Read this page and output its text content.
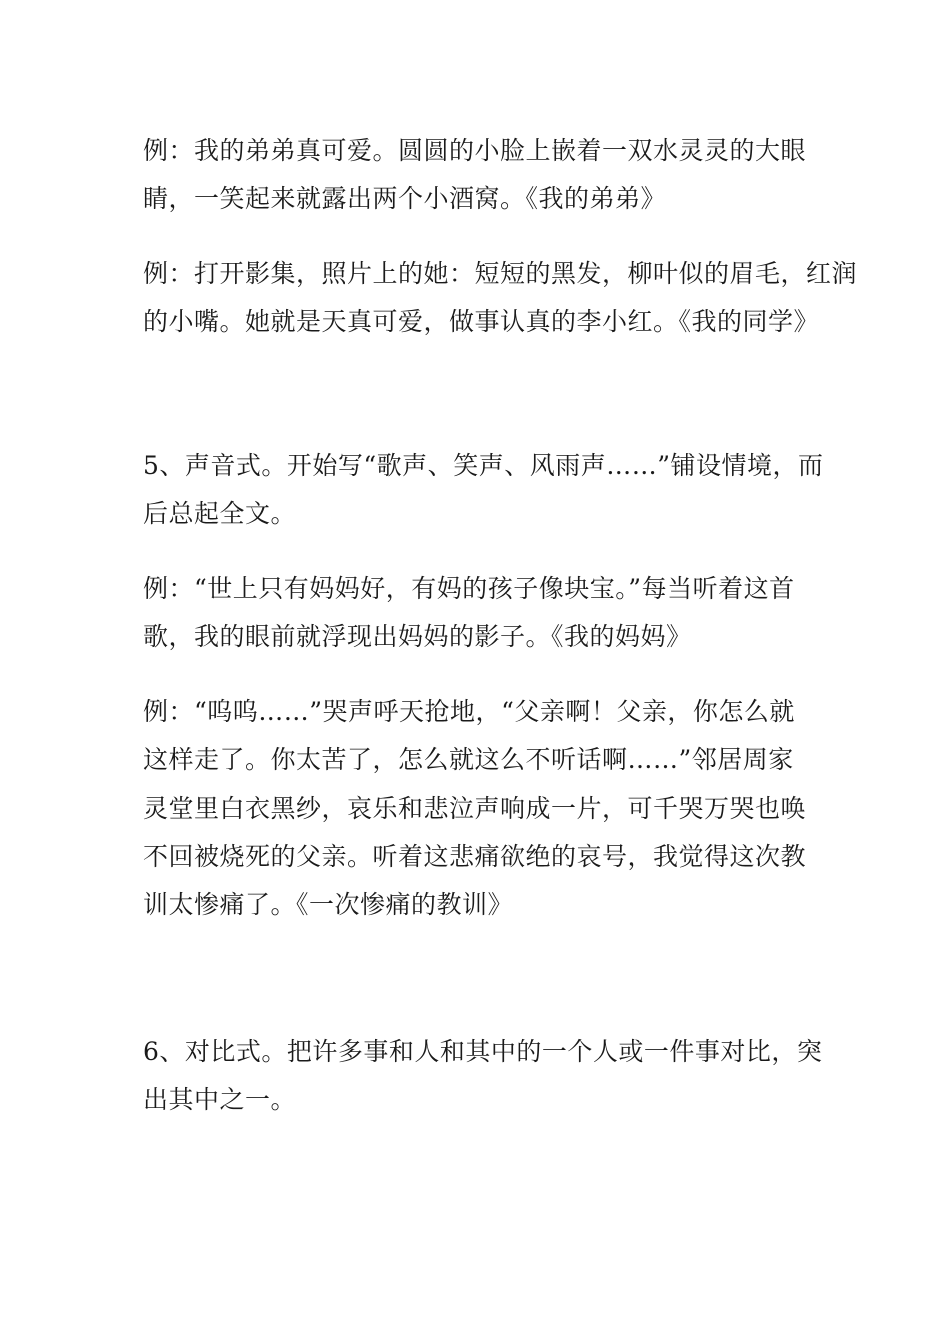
例：我的弟弟真可爱。圆圆的小脸上嵌着一双水灵灵的大眼
睛，一笑起来就露出两个小酒窝。《我的弟弟》
例：打开影集，照片上的她：短短的黑发，柳叶似的眉毛，红润
的小嘴。她就是天真可爱，做事认真的李小红。《我的同学》
5、声音式。开始写“歌声、笑声、风雨声……”铺设情境，而
后总起全文。
例：“世上只有妈妈好，有妈的孩子像块宝。”每当听着这首
歌，我的眼前就浮现出妈妈的影子。《我的妈妈》
例：“呜呜……”哭声呼天抢地，“父亲啊！父亲，你怎么就
这样走了。你太苦了，怎么就这么不听话啊……”邻居周家
灵堂里白衣黑纱，哀乐和悲泣声响成一片，可千哭万哭也唤
不回被烧死的父亲。听着这悲痛欲绝的哀号，我觉得这次教
训太惨痛了。《一次惨痛的教训》
6、对比式。把许多事和人和其中的一个人或一件事对比，突
出其中之一。
